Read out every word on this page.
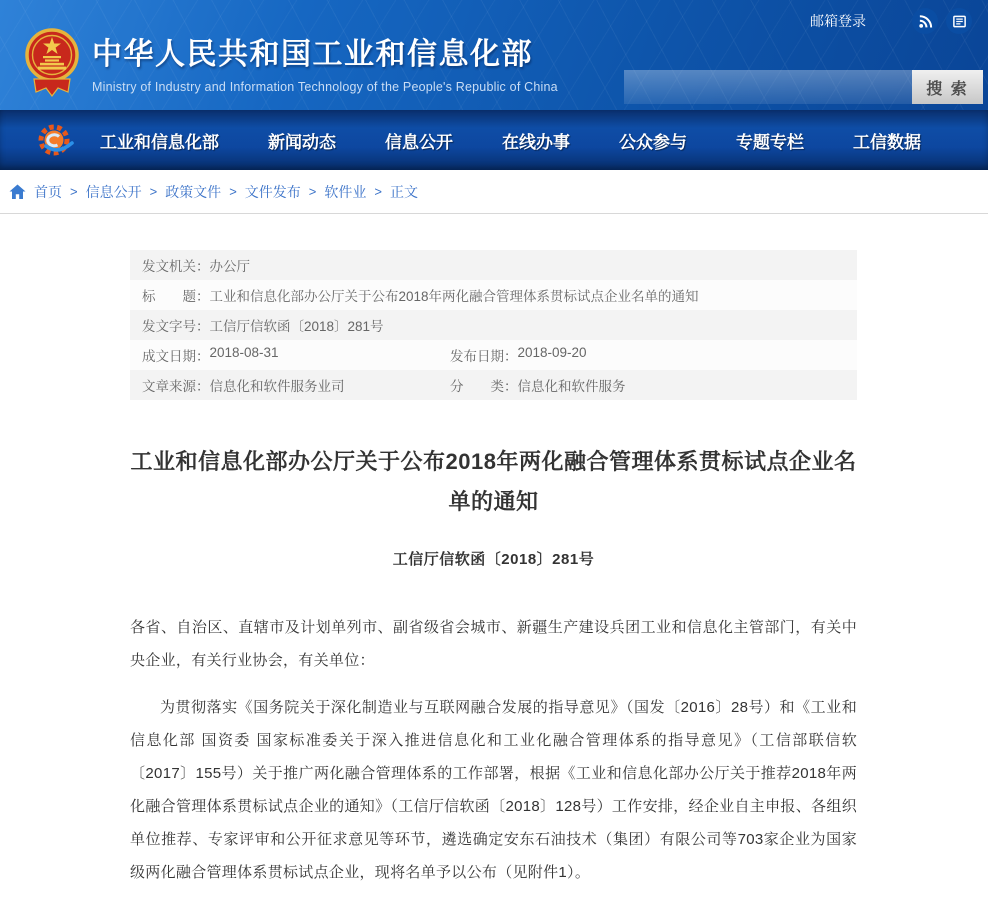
中华人民共和国工业和信息化部
Ministry of Industry and Information Technology of the People's Republic of China
邮箱登录
搜 索
工业和信息化部	新闻动态	信息公开	在线办事	公众参与	专题专栏	工信数据
首页 > 信息公开 > 政策文件 > 文件发布 > 软件业 > 正文
发文机关： 办公厅
标　　题： 工业和信息化部办公厅关于公布2018年两化融合管理体系贯标试点企业名单的通知
发文字号： 工信厅信软函〔2018〕281号
成文日期： 2018-08-31	发布日期： 2018-09-20
文章来源： 信息化和软件服务业司	分　　类： 信息化和软件服务
工业和信息化部办公厅关于公布2018年两化融合管理体系贯标试点企业名单的通知
工信厅信软函〔2018〕281号

各省、自治区、直辖市及计划单列市、副省级省会城市、新疆生产建设兵团工业和信息化主管部门，有关中央企业，有关行业协会，有关单位：

为贯彻落实《国务院关于深化制造业与互联网融合发展的指导意见》（国发〔2016〕28号）和《工业和信息化部 国资委 国家标准委关于深入推进信息化和工业化融合管理体系的指导意见》（工信部联信软〔2017〕155号）关于推广两化融合管理体系的工作部署，根据《工业和信息化部办公厅关于推荐2018年两化融合管理体系贯标试点企业的通知》（工信厅信软函〔2018〕128号）工作安排，经企业自主申报、各组织单位推荐、专家评审和公开征求意见等环节，遴选确定安东石油技术（集团）有限公司等703家企业为国家级两化融合管理体系贯标试点企业，现将名单予以公布（见附件1）。
